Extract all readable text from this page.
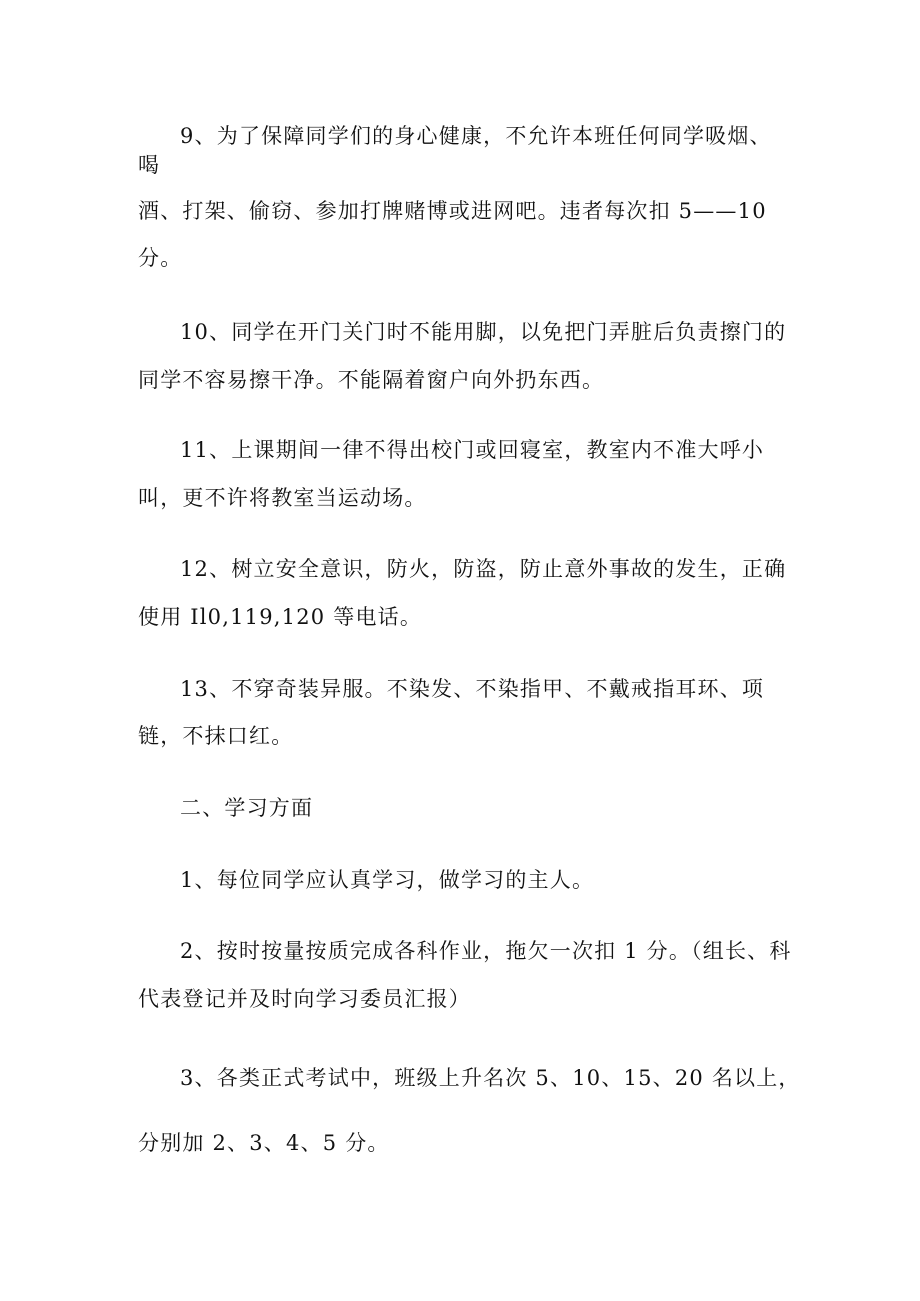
9、为了保障同学们的身心健康，不允许本班任何同学吸烟、
喝
酒、打架、偷窃、参加打牌赌博或进网吧。违者每次扣 5——10
分。
10、同学在开门关门时不能用脚，以免把门弄脏后负责擦门的
同学不容易擦干净。不能隔着窗户向外扔东西。
11、上课期间一律不得出校门或回寝室，教室内不准大呼小
叫，更不许将教室当运动场。
12、树立安全意识，防火，防盗，防止意外事故的发生，正确
使用 Il0,119,120 等电话。
13、不穿奇装异服。不染发、不染指甲、不戴戒指耳环、项
链，不抹口红。
二、学习方面
1、每位同学应认真学习，做学习的主人。
2、按时按量按质完成各科作业，拖欠一次扣 1 分。（组长、科
代表登记并及时向学习委员汇报）
3、各类正式考试中，班级上升名次 5、10、15、20 名以上，
分别加 2、3、4、5 分。
